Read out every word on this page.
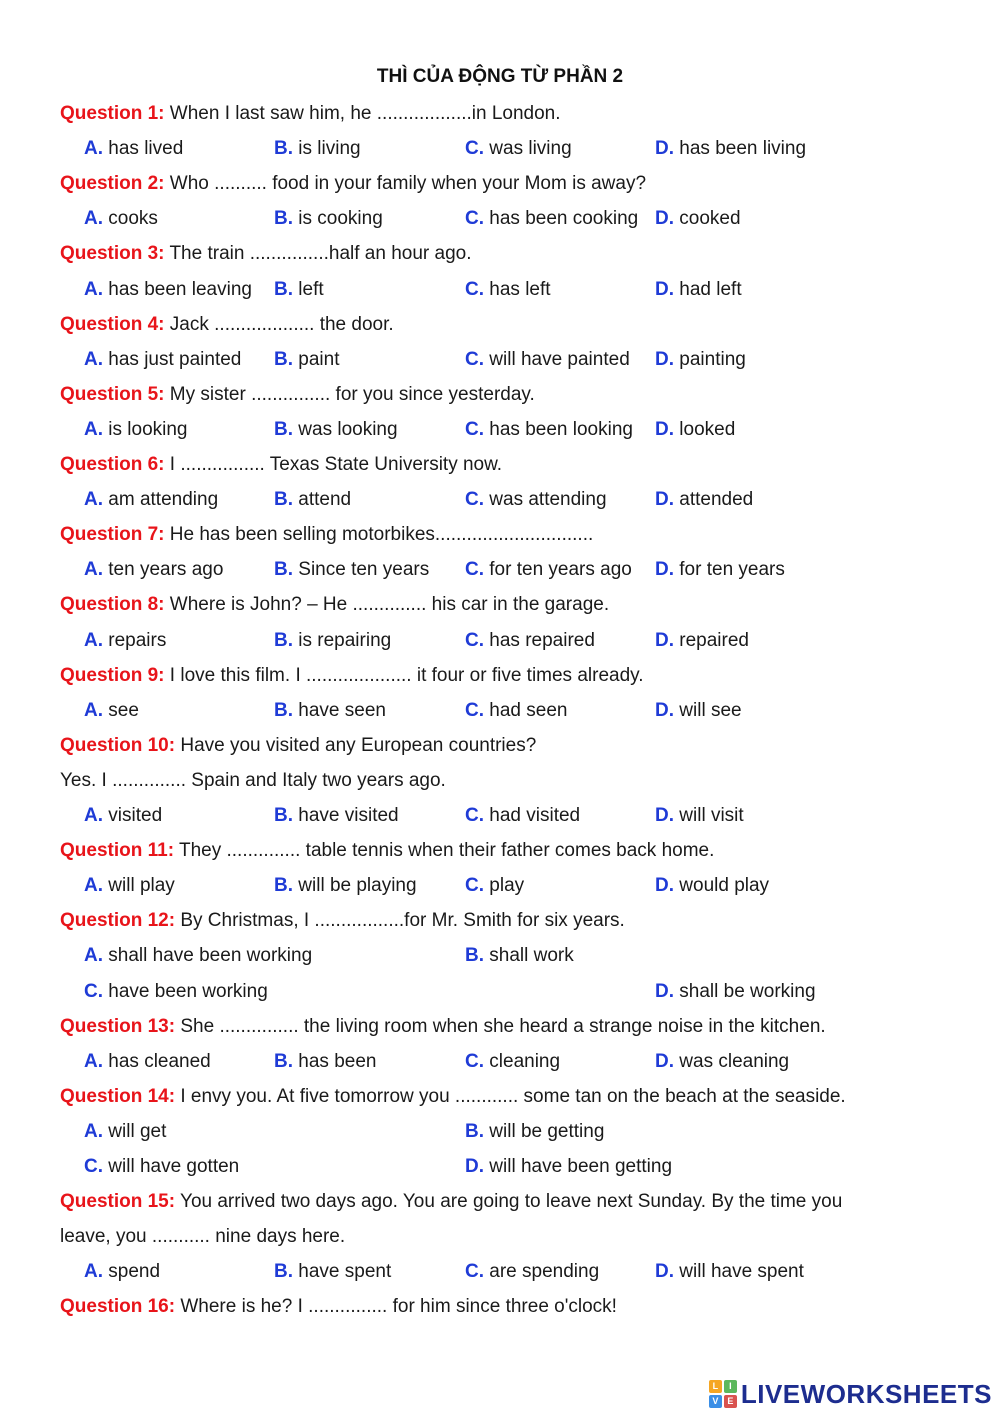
THÌ CỦA ĐỘNG TỪ PHẦN 2
Question 1: When I last saw him, he ..................in London.
A. has lived	B. is living	C. was living	D. has been living
Question 2: Who .......... food in your family when your Mom is away?
A. cooks	B. is cooking	C. has been cooking D. cooked
Question 3: The train ...............half an hour ago.
A. has been leaving B. left	C. has left	D. had left
Question 4: Jack ................... the door.
A. has just painted B. paint	C. will have painted D. painting
Question 5: My sister ............... for you since yesterday.
A. is looking	B. was looking	C. has been looking D. looked
Question 6: I ................ Texas State University now.
A. am attending	B. attend	C. was attending	D. attended
Question 7: He has been selling motorbikes..............................
A. ten years ago	B. Since ten years C. for ten years ago D. for ten years
Question 8: Where is John? – He .............. his car in the garage.
A. repairs	B. is repairing	C. has repaired	D. repaired
Question 9: I love this film. I .................... it four or five times already.
A. see	B. have seen	C. had seen	D. will see
Question 10: Have you visited any European countries?
Yes. I .............. Spain and Italy two years ago.
A. visited	B. have visited	C. had visited	D. will visit
Question 11: They .............. table tennis when their father comes back home.
A. will play	B. will be playing	C. play	D. would play
Question 12: By Christmas, I .................for Mr. Smith for six years.
A. shall have been working	B. shall work
C. have been working	D. shall be working
Question 13: She ............... the living room when she heard a strange noise in the kitchen.
A. has cleaned	B. has been	C. cleaning	D. was cleaning
Question 14: I envy you. At five tomorrow you ............ some tan on the beach at the seaside.
A. will get	B. will be getting
C. will have gotten	D. will have been getting
Question 15: You arrived two days ago. You are going to leave next Sunday. By the time you
leave, you ........... nine days here.
A. spend	B. have spent	C. are spending	D. will have spent
Question 16: Where is he? I ............... for him since three o'clock!
L	I
V E LIVEWORKSHEETS
